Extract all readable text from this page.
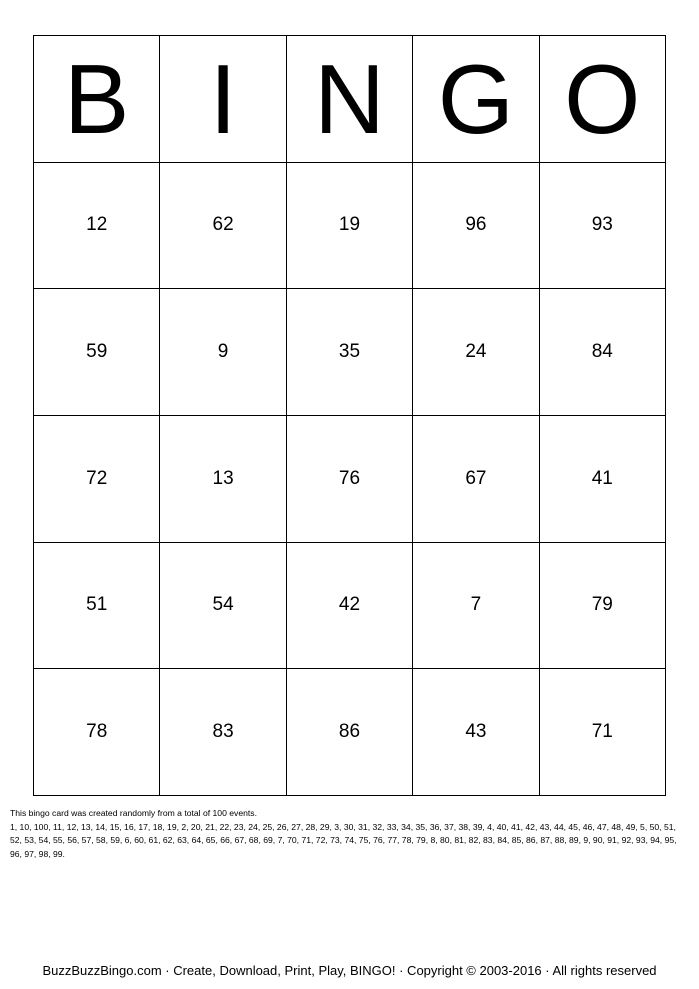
B I N G O
12	62	19	96	93
59	9	35	24	84
72	13	76	67	41
51	54	42	7	79
78	83	86	43	71

This bingo card was created randomly from a total of 100 events.

1, 10, 100, 11, 12, 13, 14, 15, 16, 17, 18, 19, 2, 20, 21, 22, 23, 24, 25, 26, 27, 28, 29, 3, 30, 31, 32, 33, 34, 35, 36, 37, 38, 39, 4, 40, 41, 42, 43, 44, 45, 46, 47, 48, 49, 5, 50, 51, 52, 53, 54, 55, 56, 57, 58, 59, 6, 60, 61, 62, 63, 64, 65, 66, 67, 68, 69, 7, 70, 71, 72, 73, 74, 75, 76, 77, 78, 79, 8, 80, 81, 82, 83, 84, 85, 86, 87, 88, 89, 9, 90, 91, 92, 93, 94, 95, 96, 97, 98, 99.

BuzzBuzzBingo.com · Create, Download, Print, Play, BINGO! · Copyright © 2003-2016 · All rights reserved
